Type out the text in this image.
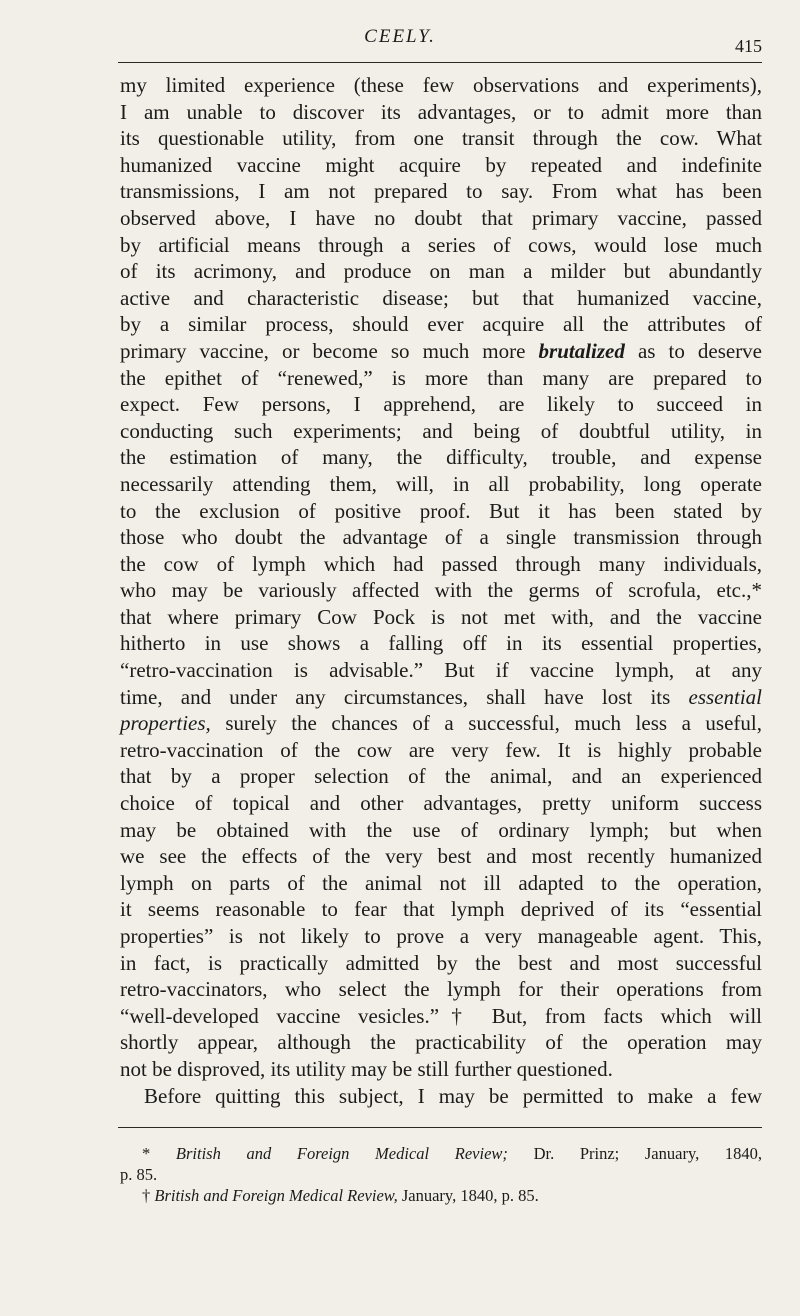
CEELY.	415
my limited experience (these few observations and experiments),
I am unable to discover its advantages, or to admit more than
its questionable utility, from one transit through the cow. What
humanized vaccine might acquire by repeated and indefinite
transmissions, I am not prepared to say. From what has been
observed above, I have no doubt that primary vaccine, passed
by artificial means through a series of cows, would lose much
of its acrimony, and produce on man a milder but abundantly
active and characteristic disease; but that humanized vaccine,
by a similar process, should ever acquire all the attributes of
primary vaccine, or become so much more brutalized as to deserve
the epithet of “renewed,” is more than many are prepared to
expect. Few persons, I apprehend, are likely to succeed in
conducting such experiments; and being of doubtful utility, in
the estimation of many, the difficulty, trouble, and expense
necessarily attending them, will, in all probability, long operate
to the exclusion of positive proof. But it has been stated by
those who doubt the advantage of a single transmission through
the cow of lymph which had passed through many individuals,
who may be variously affected with the germs of scrofula, etc.,*
that where primary Cow Pock is not met with, and the vaccine
hitherto in use shows a falling off in its essential properties,
“retro-vaccination is advisable.” But if vaccine lymph, at any
time, and under any circumstances, shall have lost its essential
properties, surely the chances of a successful, much less a useful,
retro-vaccination of the cow are very few. It is highly probable
that by a proper selection of the animal, and an experienced
choice of topical and other advantages, pretty uniform success
may be obtained with the use of ordinary lymph; but when
we see the effects of the very best and most recently humanized
lymph on parts of the animal not ill adapted to the operation,
it seems reasonable to fear that lymph deprived of its “essential
properties” is not likely to prove a very manageable agent. This,
in fact, is practically admitted by the best and most successful
retro-vaccinators, who select the lymph for their operations from
“well-developed vaccine vesicles.”† But, from facts which will
shortly appear, although the practicability of the operation may
not be disproved, its utility may be still further questioned.
Before quitting this subject, I may be permitted to make a few
* British and Foreign Medical Review; Dr. Prinz; January, 1840,
p. 85.
† British and Foreign Medical Review, January, 1840, p. 85.
